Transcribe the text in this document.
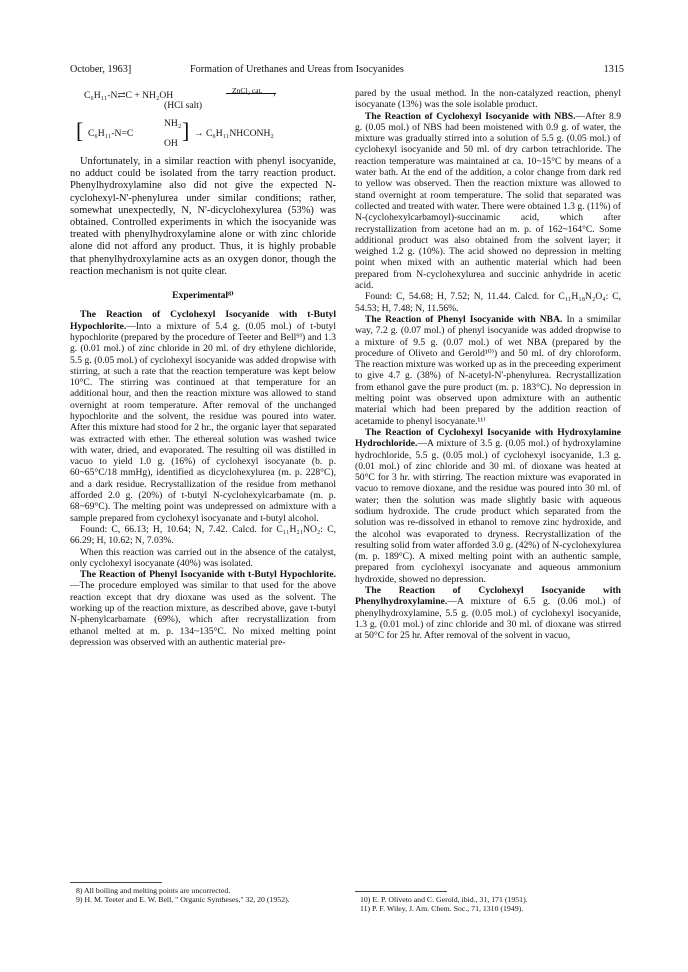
October, 1963]	Formation of Urethanes and Ureas from Isocyanides	1315
C₆H₁₁-N⇄C + NH₂OH
(HCl salt)
ZnCl₂ cat. ›
[	NH₂
C₆H₁₁-N=C
OH
] → C₆H₁₁NHCONH₂

Unfortunately, in a similar reaction with phenyl isocyanide, no adduct could be isolated from the tarry reaction product. Phenylhydroxylamine also did not give the expected N-cyclohexyl-N'-phenylurea under similar conditions; rather, somewhat unexpectedly, N, N'-dicyclohexylurea (53%) was obtained. Controlled experiments in which the isocyanide was treated with phenylhydroxylamine alone or with zinc chloride alone did not afford any product. Thus, it is highly probable that phenylhydroxylamine acts as an oxygen donor, though the reaction mechanism is not quite clear.

Experimental⁸⁾

The Reaction of Cyclohexyl Isocyanide with t-Butyl Hypochlorite.—Into a mixture of 5.4 g. (0.05 mol.) of t-butyl hypochlorite (prepared by the procedure of Teeter and Bell⁹⁾) and 1.3 g. (0.01 mol.) of zinc chloride in 20 ml. of dry ethylene dichloride, 5.5 g. (0.05 mol.) of cyclohexyl isocyanide was added dropwise with stirring, at such a rate that the reaction temperature was kept below 10°C. The stirring was continued at that temperature for an additional hour, and then the reaction mixture was allowed to stand overnight at room temperature. After removal of the unchanged hypochlorite and the solvent, the residue was poured into water. After this mixture had stood for 2 hr., the organic layer that separated was extracted with ether. The ethereal solution was washed twice with water, dried, and evaporated. The resulting oil was distilled in vacuo to yield 1.0 g. (16%) of cyclohexyl isocyanate (b. p. 60~65°C/18 mmHg), identified as dicyclohexylurea (m. p. 228°C), and a dark residue. Recrystallization of the residue from methanol afforded 2.0 g. (20%) of t-butyl N-cyclohexylcarbamate (m. p. 68~69°C). The melting point was undepressed on admixture with a sample prepared from cyclohexyl isocyanate and t-butyl alcohol.

Found: C, 66.13; H, 10.64; N, 7.42. Calcd. for C₁₁H₂₁NO₂: C, 66.29; H, 10.62; N, 7.03%.

When this reaction was carried out in the absence of the catalyst, only cyclohexyl isocyanate (40%) was isolated.

The Reaction of Phenyl Isocyanide with t-Butyl Hypochlorite.—The procedure employed was similar to that used for the above reaction except that dry dioxane was used as the solvent. The working up of the reaction mixture, as described above, gave t-butyl N-phenylcarbamate (69%), which after recrystallization from ethanol melted at m. p. 134~135°C. No mixed melting point depression was observed with an authentic material pre-

pared by the usual method. In the non-catalyzed reaction, phenyl isocyanate (13%) was the sole isolable product.

The Reaction of Cyclohexyl Isocyanide with NBS.—After 8.9 g. (0.05 mol.) of NBS had been moistened with 0.9 g. of water, the mixture was gradually stirred into a solution of 5.5 g. (0.05 mol.) of cyclohexyl isocyanide and 50 ml. of dry carbon tetrachloride. The reaction temperature was maintained at ca. 10~15°C by means of a water bath. At the end of the addition, a color change from dark red to yellow was observed. Then the reaction mixture was allowed to stand overnight at room temperature. The solid that separated was collected and treated with water. There were obtained 1.3 g. (11%) of N-(cyclohexylcarbamoyl)-succinamic acid, which after recrystallization from acetone had an m. p. of 162~164°C. Some additional product was also obtained from the solvent layer; it weighed 1.2 g. (10%). The acid showed no depression in melting point when mixed with an authentic material which had been prepared from N-cyclohexylurea and succinic anhydride in acetic acid.

Found: C, 54.68; H, 7.52; N, 11.44. Calcd. for C₁₁H₁₈N₂O₄: C, 54.53; H, 7.48; N, 11.56%.

The Reaction of Phenyl Isocyanide with NBA. In a smimilar way, 7.2 g. (0.07 mol.) of phenyl isocyanide was added dropwise to a mixture of 9.5 g. (0.07 mol.) of wet NBA (prepared by the procedure of Oliveto and Gerold¹⁰⁾) and 50 ml. of dry chloroform. The reaction mixture was worked up as in the preceeding experiment to give 4.7 g. (38%) of N-acetyl-N'-phenylurea. Recrystallization from ethanol gave the pure product (m. p. 183°C). No depression in melting point was observed upon admixture with an authentic material which had been prepared by the addition reaction of acetamide to phenyl isocyanate.¹¹⁾

The Reaction of Cyclohexyl Isocyanide with Hydroxylamine Hydrochloride.—A mixture of 3.5 g. (0.05 mol.) of hydroxylamine hydrochloride, 5.5 g. (0.05 mol.) of cyclohexyl isocyanide, 1.3 g. (0.01 mol.) of zinc chloride and 30 ml. of dioxane was heated at 50°C for 3 hr. with stirring. The reaction mixture was evaporated in vacuo to remove dioxane, and the residue was poured into 30 ml. of water; then the solution was made slightly basic with aqueous sodium hydroxide. The crude product which separated from the solution was re-dissolved in ethanol to remove zinc hydroxide, and the alcohol was evaporated to dryness. Recrystallization of the resulting solid from water afforded 3.0 g. (42%) of N-cyclohexylurea (m. p. 189°C). A mixed melting point with an authentic sample, prepared from cyclohexyl isocyanate and aqueous ammonium hydroxide, showed no depression.

The Reaction of Cyclohexyl Isocyanide with Phenylhydroxylamine.—A mixture of 6.5 g. (0.06 mol.) of phenylhydroxylamine, 5.5 g. (0.05 mol.) of cyclohexyl isocyanide, 1.3 g. (0.01 mol.) of zinc chloride and 30 ml. of dioxane was stirred at 50°C for 25 hr. After removal of the solvent in vacuo,

8) All boiling and melting points are uncorrected.
9) H. M. Teeter and E. W. Bell, " Organic Syntheses," 32, 20 (1952).	10) E. P. Oliveto and C. Gerold, ibid., 31, 171 (1951).
11) P. F. Wiley, J. Am. Chem. Soc., 71, 1310 (1949).
